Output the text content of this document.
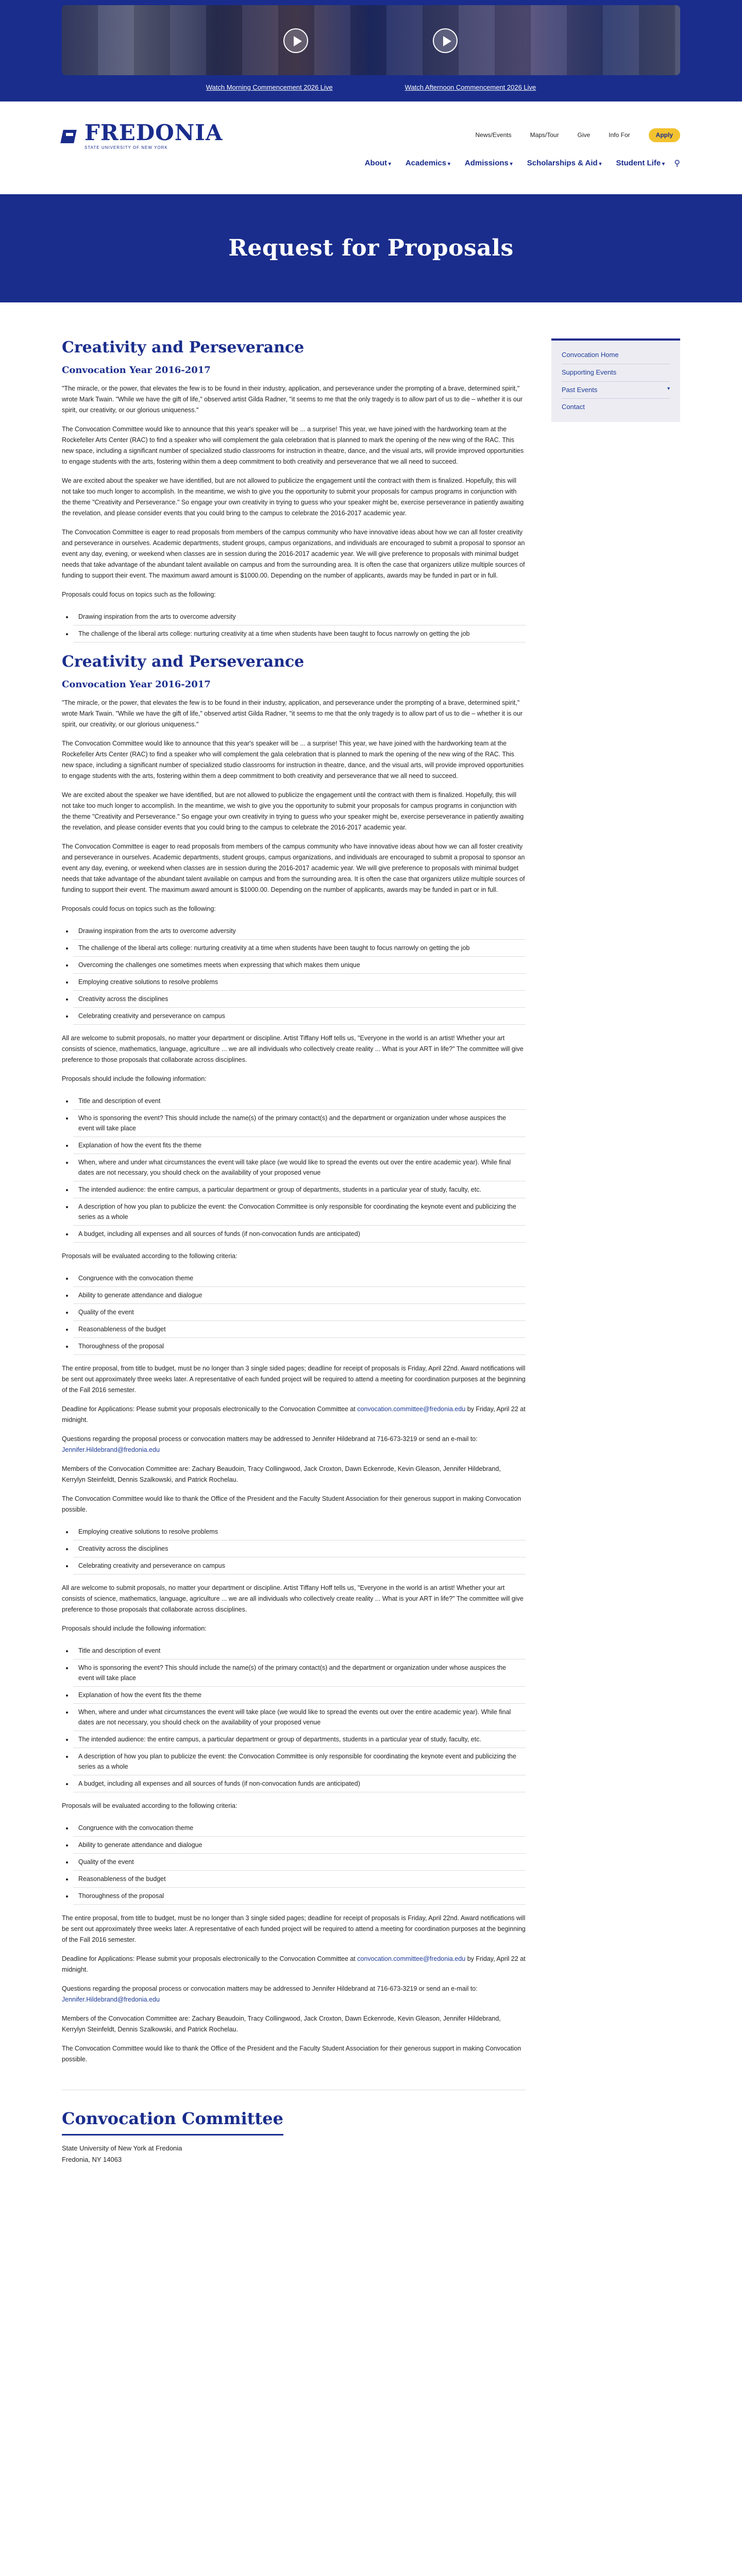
Watch Morning Commencement 2026 Live	Watch Afternoon Commencement 2026 Live
FREDONIA
STATE UNIVERSITY OF NEW YORK
News/Events	Maps/Tour	Give	Info For	Apply
About ▾	Academics ▾	Admissions ▾	Scholarships & Aid ▾	Student Life ▾	⚲
Request for Proposals
Creativity and Perseverance
Convocation Year 2016-2017

"The miracle, or the power, that elevates the few is to be found in their industry, application, and perseverance under the prompting of a brave, determined spirit," wrote Mark Twain. "While we have the gift of life," observed artist Gilda Radner, "it seems to me that the only tragedy is to allow part of us to die – whether it is our spirit, our creativity, or our glorious uniqueness."

The Convocation Committee would like to announce that this year's speaker will be ... a surprise! This year, we have joined with the hardworking team at the Rockefeller Arts Center (RAC) to find a speaker who will complement the gala celebration that is planned to mark the opening of the new wing of the RAC. This new space, including a significant number of specialized studio classrooms for instruction in theatre, dance, and the visual arts, will provide improved opportunities to engage students with the arts, fostering within them a deep commitment to both creativity and perseverance that we all need to succeed.

We are excited about the speaker we have identified, but are not allowed to publicize the engagement until the contract with them is finalized. Hopefully, this will not take too much longer to accomplish. In the meantime, we wish to give you the opportunity to submit your proposals for campus programs in conjunction with the theme "Creativity and Perseverance." So engage your own creativity in trying to guess who your speaker might be, exercise perseverance in patiently awaiting the revelation, and please consider events that you could bring to the campus to celebrate the 2016-2017 academic year.

The Convocation Committee is eager to read proposals from members of the campus community who have innovative ideas about how we can all foster creativity and perseverance in ourselves. Academic departments, student groups, campus organizations, and individuals are encouraged to submit a proposal to sponsor an event any day, evening, or weekend when classes are in session during the 2016-2017 academic year. We will give preference to proposals with minimal budget needs that take advantage of the abundant talent available on campus and from the surrounding area. It is often the case that organizers utilize multiple sources of funding to support their event. The maximum award amount is $1000.00. Depending on the number of applicants, awards may be funded in part or in full.

Proposals could focus on topics such as the following:

• Drawing inspiration from the arts to overcome adversity
• The challenge of the liberal arts college: nurturing creativity at a time when students have been taught to focus narrowly on getting the job
Creativity and Perseverance
Convocation Year 2016-2017

"The miracle, or the power, that elevates the few is to be found in their industry, application, and perseverance under the prompting of a brave, determined spirit," wrote Mark Twain. "While we have the gift of life," observed artist Gilda Radner, "it seems to me that the only tragedy is to allow part of us to die – whether it is our spirit, our creativity, or our glorious uniqueness."

The Convocation Committee would like to announce that this year's speaker will be ... a surprise! This year, we have joined with the hardworking team at the Rockefeller Arts Center (RAC) to find a speaker who will complement the gala celebration that is planned to mark the opening of the new wing of the RAC. This new space, including a significant number of specialized studio classrooms for instruction in theatre, dance, and the visual arts, will provide improved opportunities to engage students with the arts, fostering within them a deep commitment to both creativity and perseverance that we all need to succeed.

We are excited about the speaker we have identified, but are not allowed to publicize the engagement until the contract with them is finalized. Hopefully, this will not take too much longer to accomplish. In the meantime, we wish to give you the opportunity to submit your proposals for campus programs in conjunction with the theme "Creativity and Perseverance." So engage your own creativity in trying to guess who your speaker might be, exercise perseverance in patiently awaiting the revelation, and please consider events that you could bring to the campus to celebrate the 2016-2017 academic year.

The Convocation Committee is eager to read proposals from members of the campus community who have innovative ideas about how we can all foster creativity and perseverance in ourselves. Academic departments, student groups, campus organizations, and individuals are encouraged to submit a proposal to sponsor an event any day, evening, or weekend when classes are in session during the 2016-2017 academic year. We will give preference to proposals with minimal budget needs that take advantage of the abundant talent available on campus and from the surrounding area. It is often the case that organizers utilize multiple sources of funding to support their event. The maximum award amount is $1000.00. Depending on the number of applicants, awards may be funded in part or in full.

Proposals could focus on topics such as the following:

• Drawing inspiration from the arts to overcome adversity
• The challenge of the liberal arts college: nurturing creativity at a time when students have been taught to focus narrowly on getting the job
• Overcoming the challenges one sometimes meets when expressing that which makes them unique
• Employing creative solutions to resolve problems
• Creativity across the disciplines
• Celebrating creativity and perseverance on campus

All are welcome to submit proposals, no matter your department or discipline. Artist Tiffany Hoff tells us, "Everyone in the world is an artist! Whether your art consists of science, mathematics, language, agriculture ... we are all individuals who collectively create reality ... What is your ART in life?" The committee will give preference to those proposals that collaborate across disciplines.

Proposals should include the following information:

• Title and description of event
• Who is sponsoring the event? This should include the name(s) of the primary contact(s) and the department or organization under whose auspices the event will take place
• Explanation of how the event fits the theme
• When, where and under what circumstances the event will take place (we would like to spread the events out over the entire academic year). While final dates are not necessary, you should check on the availability of your proposed venue
• The intended audience: the entire campus, a particular department or group of departments, students in a particular year of study, faculty, etc.
• A description of how you plan to publicize the event: the Convocation Committee is only responsible for coordinating the keynote event and publicizing the series as a whole
• A budget, including all expenses and all sources of funds (if non-convocation funds are anticipated)

Proposals will be evaluated according to the following criteria:

• Congruence with the convocation theme
• Ability to generate attendance and dialogue
• Quality of the event
• Reasonableness of the budget
• Thoroughness of the proposal

The entire proposal, from title to budget, must be no longer than 3 single sided pages; deadline for receipt of proposals is Friday, April 22nd. Award notifications will be sent out approximately three weeks later. A representative of each funded project will be required to attend a meeting for coordination purposes at the beginning of the Fall 2016 semester.

Deadline for Applications: Please submit your proposals electronically to the Convocation Committee at convocation.committee@fredonia.edu by Friday, April 22 at midnight.

Questions regarding the proposal process or convocation matters may be addressed to Jennifer Hildebrand at 716-673-3219 or send an e-mail to: Jennifer.Hildebrand@fredonia.edu

Members of the Convocation Committee are: Zachary Beaudoin, Tracy Collingwood, Jack Croxton, Dawn Eckenrode, Kevin Gleason, Jennifer Hildebrand, Kerrylyn Steinfeldt, Dennis Szalkowski, and Patrick Rochelau.

The Convocation Committee would like to thank the Office of the President and the Faculty Student Association for their generous support in making Convocation possible.

• Employing creative solutions to resolve problems
• Creativity across the disciplines
• Celebrating creativity and perseverance on campus

All are welcome to submit proposals, no matter your department or discipline. Artist Tiffany Hoff tells us, "Everyone in the world is an artist! Whether your art consists of science, mathematics, language, agriculture ... we are all individuals who collectively create reality ... What is your ART in life?" The committee will give preference to those proposals that collaborate across disciplines.

Proposals should include the following information:

• Title and description of event
• Who is sponsoring the event? This should include the name(s) of the primary contact(s) and the department or organization under whose auspices the event will take place
• Explanation of how the event fits the theme
• When, where and under what circumstances the event will take place (we would like to spread the events out over the entire academic year). While final dates are not necessary, you should check on the availability of your proposed venue
• The intended audience: the entire campus, a particular department or group of departments, students in a particular year of study, faculty, etc.
• A description of how you plan to publicize the event: the Convocation Committee is only responsible for coordinating the keynote event and publicizing the series as a whole
• A budget, including all expenses and all sources of funds (if non-convocation funds are anticipated)

Proposals will be evaluated according to the following criteria:

• Congruence with the convocation theme
• Ability to generate attendance and dialogue
• Quality of the event
• Reasonableness of the budget
• Thoroughness of the proposal

The entire proposal, from title to budget, must be no longer than 3 single sided pages; deadline for receipt of proposals is Friday, April 22nd. Award notifications will be sent out approximately three weeks later. A representative of each funded project will be required to attend a meeting for coordination purposes at the beginning of the Fall 2016 semester.

Deadline for Applications: Please submit your proposals electronically to the Convocation Committee at convocation.committee@fredonia.edu by Friday, April 22 at midnight.

Questions regarding the proposal process or convocation matters may be addressed to Jennifer Hildebrand at 716-673-3219 or send an e-mail to: Jennifer.Hildebrand@fredonia.edu

Members of the Convocation Committee are: Zachary Beaudoin, Tracy Collingwood, Jack Croxton, Dawn Eckenrode, Kevin Gleason, Jennifer Hildebrand, Kerrylyn Steinfeldt, Dennis Szalkowski, and Patrick Rochelau.

The Convocation Committee would like to thank the Office of the President and the Faculty Student Association for their generous support in making Convocation possible.

Convocation Committee

State University of New York at Fredonia

Fredonia, NY 14063

Convocation Home
Supporting Events
Past Events ▾
Contact
